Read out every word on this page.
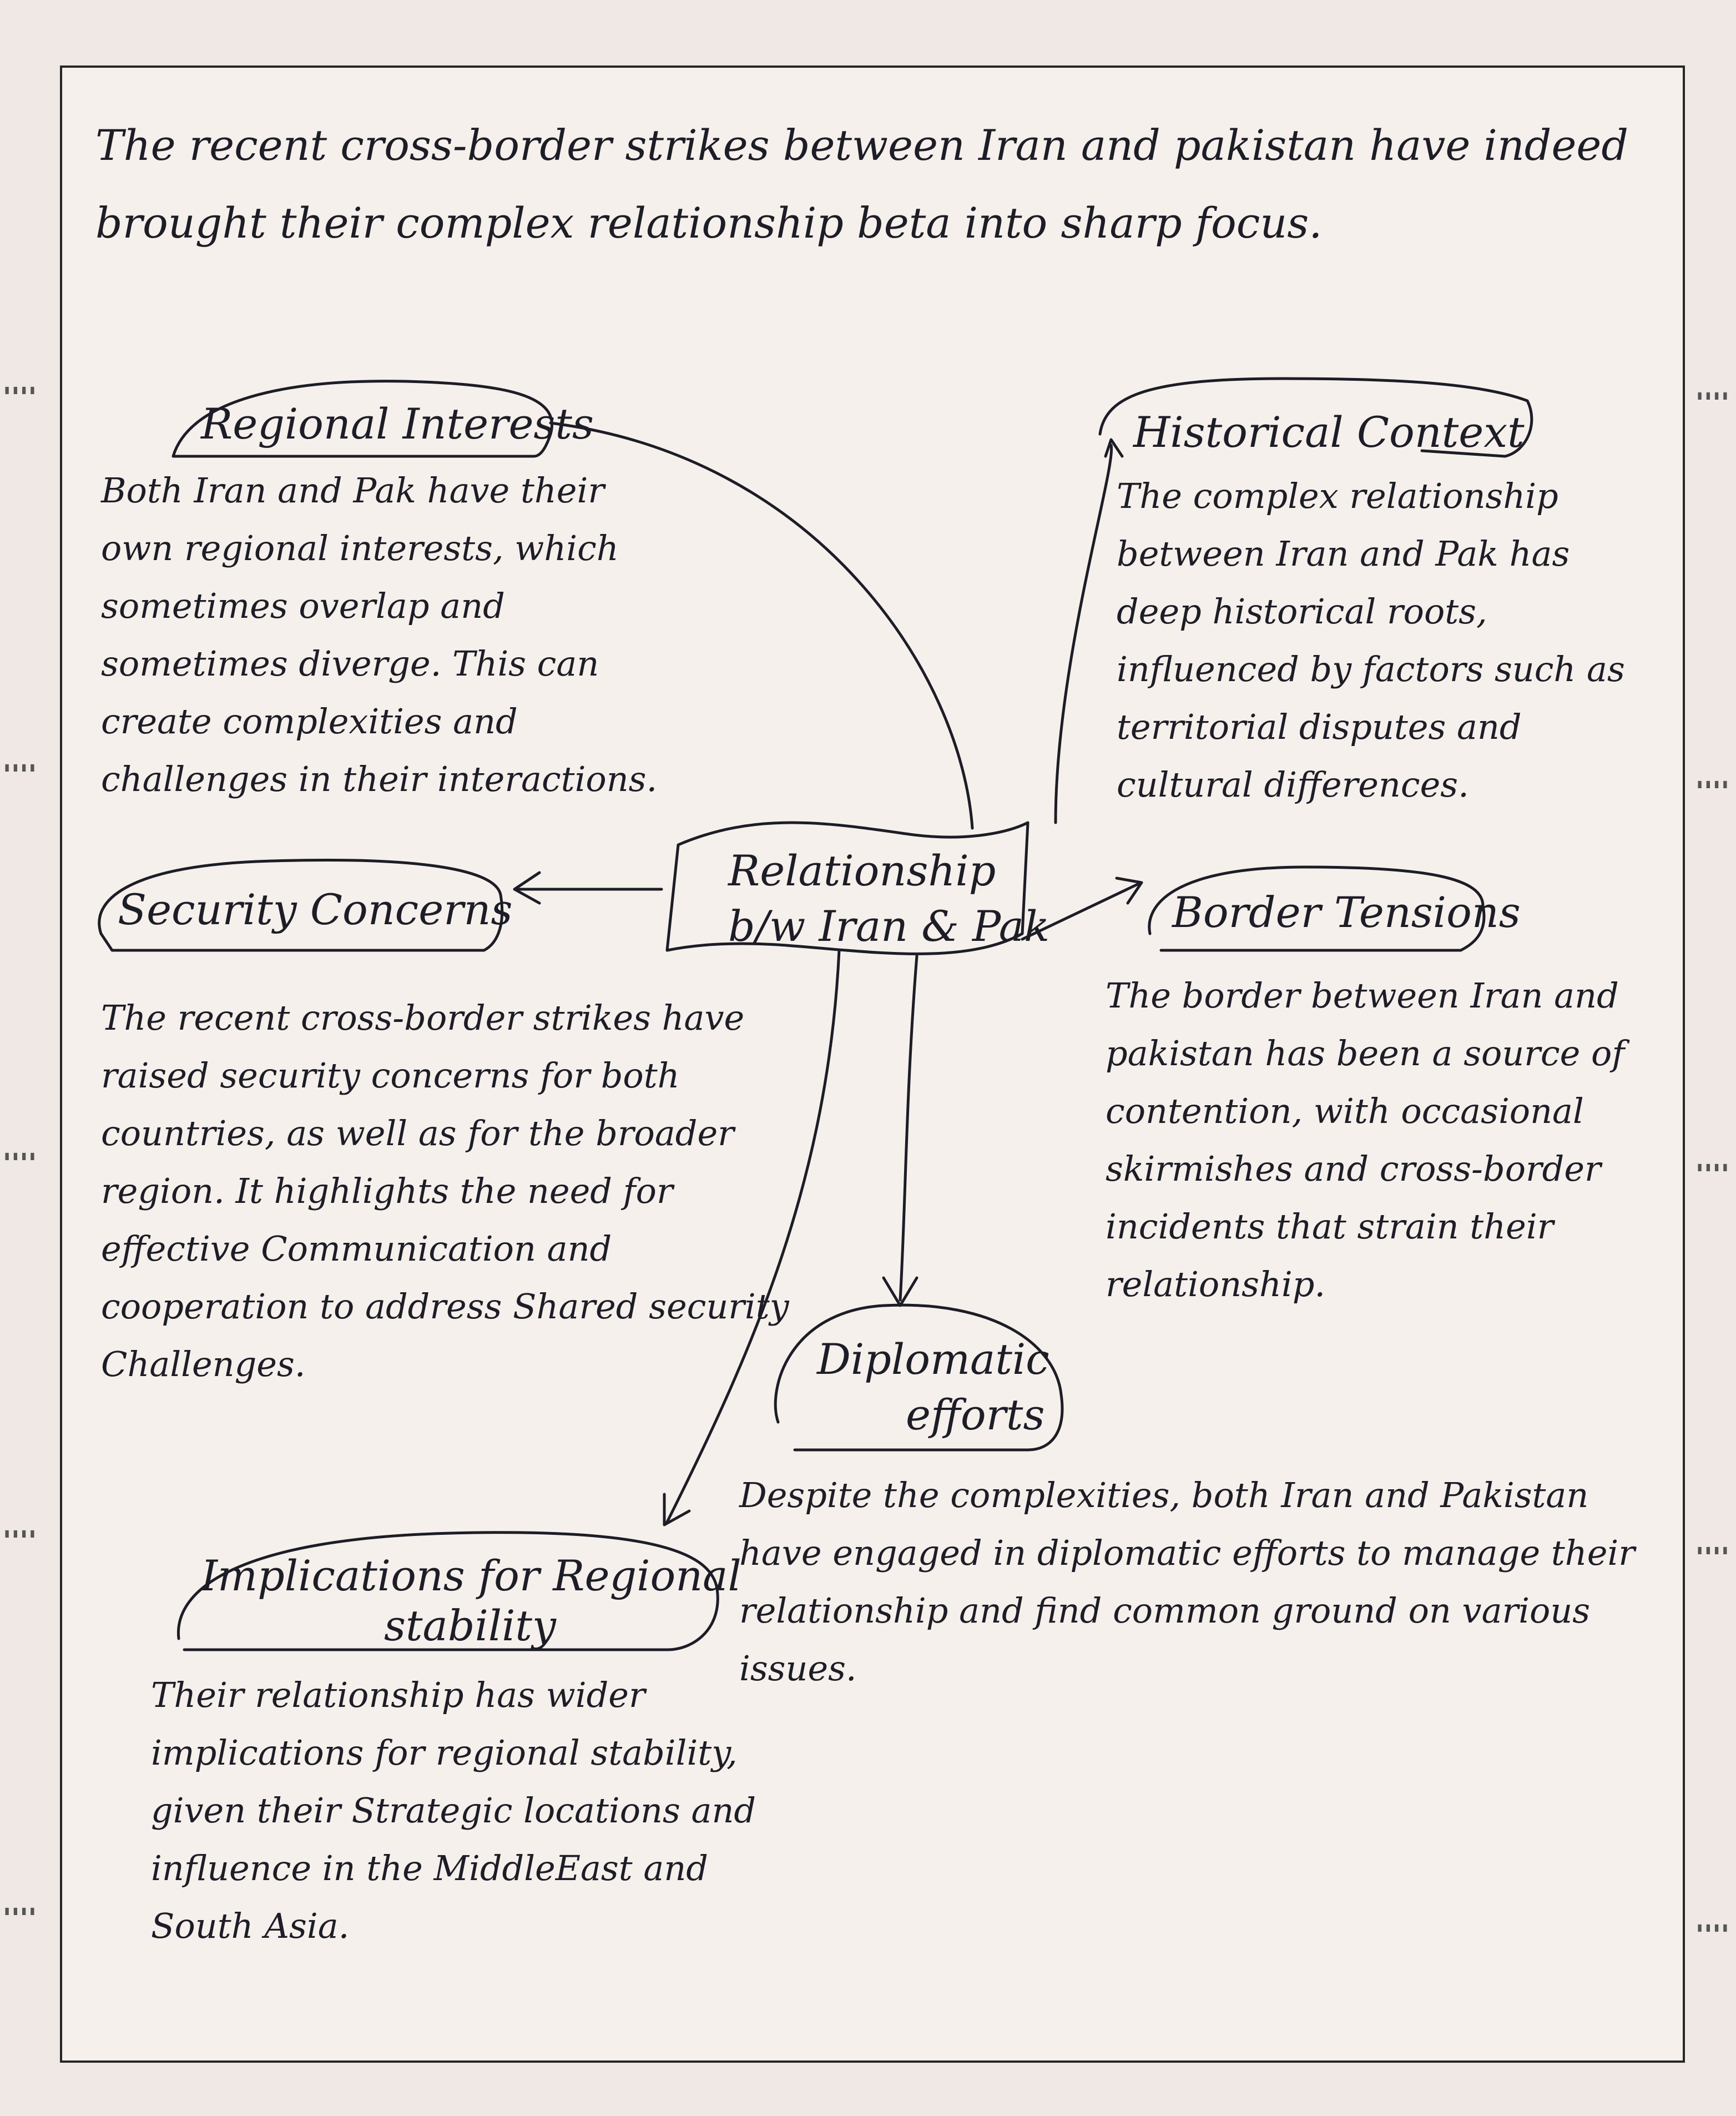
▮▮▮▮
▮▮▮▮
▮▮▮▮
▮▮▮▮
▮▮▮▮
▮▮▮▮
▮▮▮▮
▮▮▮▮
▮▮▮▮
▮▮▮▮
The recent cross-border strikes between Iran and pakistan have indeed brought their complex relationship beta into sharp focus.
Regional Interests
Both Iran and Pak have their own regional interests, which sometimes overlap and sometimes diverge. This can create complexities and challenges in their interactions.
Historical Context
The complex relationship between Iran and Pak has deep historical roots, influenced by factors such as territorial disputes and cultural differences.
Security Concerns
The recent cross-border strikes have raised security concerns for both countries, as well as for the broader region. It highlights the need for effective Communication and cooperation to address Shared security Challenges.
Relationship
b/w Iran & Pak	Border Tensions
The border between Iran and pakistan has been a source of contention, with occasional skirmishes and cross-border incidents that strain their relationship.
Diplomatic
efforts
Despite the complexities, both Iran and Pakistan have engaged in diplomatic efforts to manage their relationship and find common ground on various issues.
Implications for Regional
stability
Their relationship has wider implications for regional stability, given their Strategic locations and influence in the MiddleEast and South Asia.
